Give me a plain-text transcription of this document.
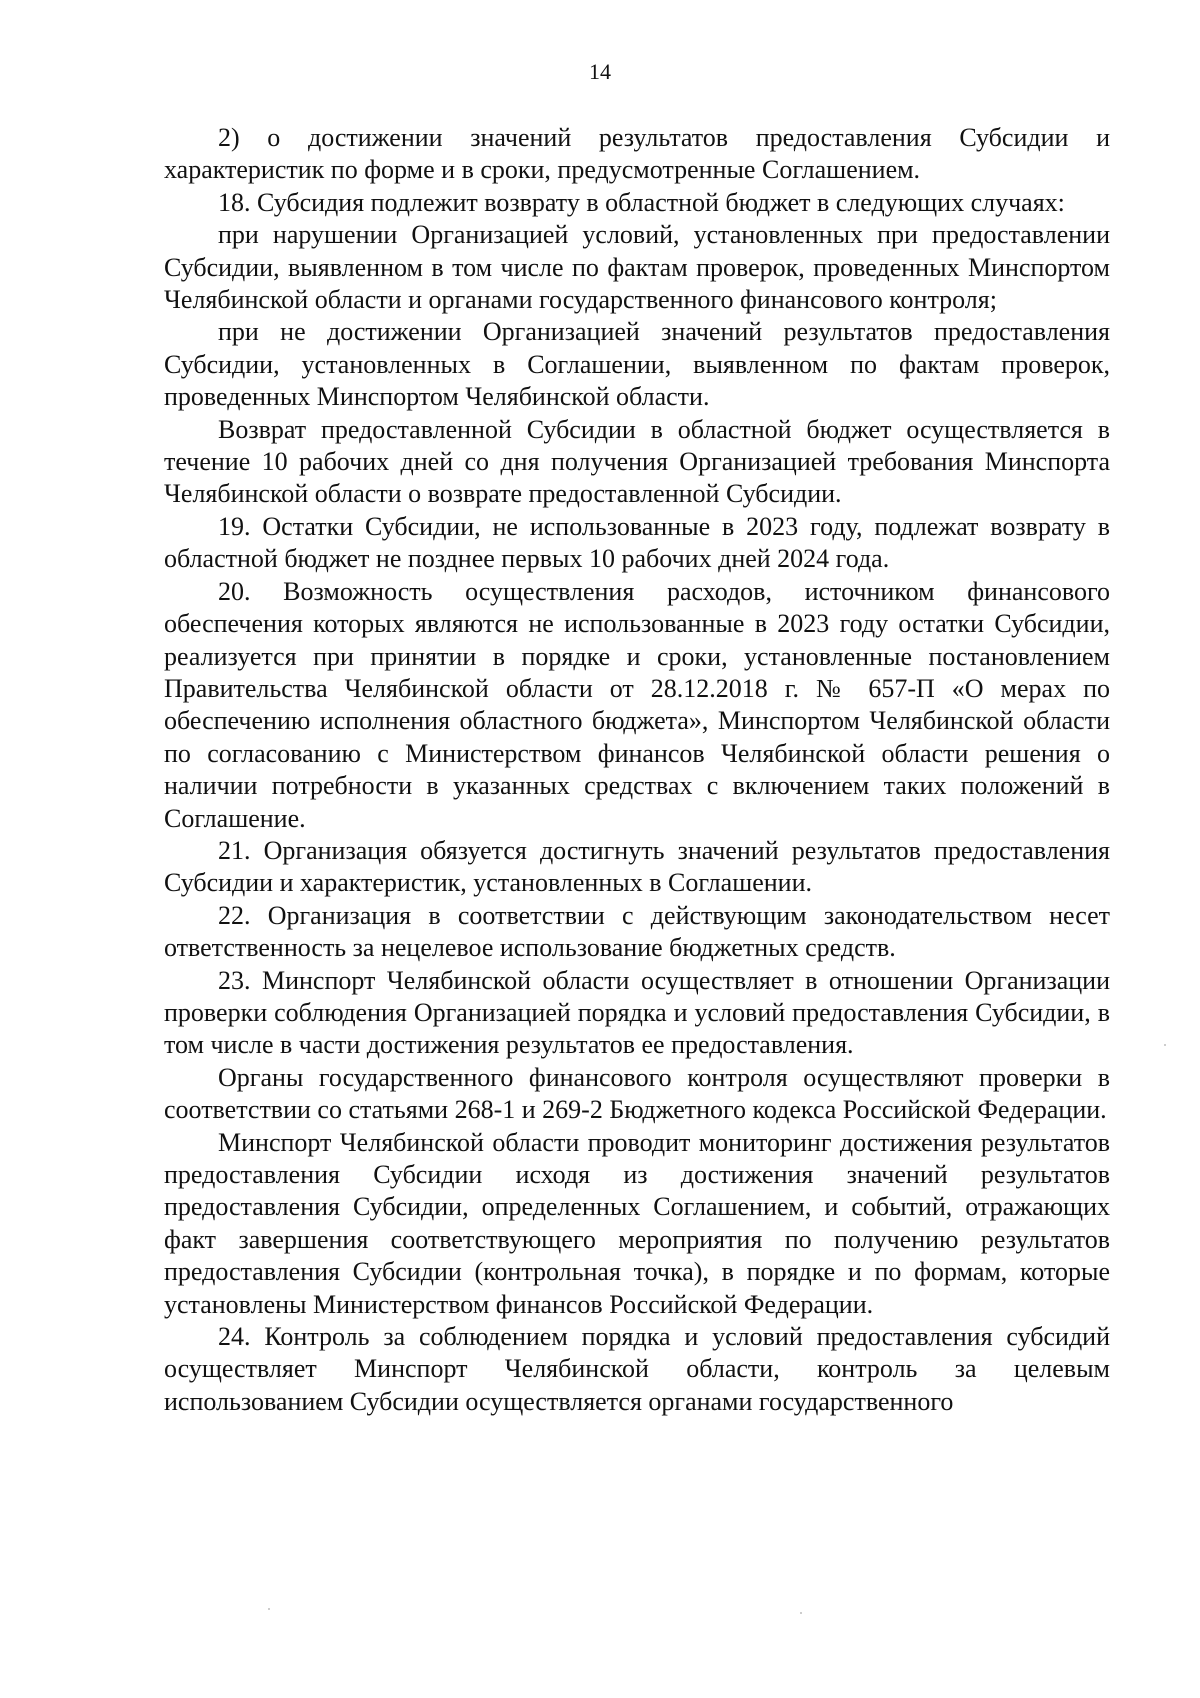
14

2) о достижении значений результатов предоставления Субсидии и характеристик по форме и в сроки, предусмотренные Соглашением.

18. Субсидия подлежит возврату в областной бюджет в следующих случаях:

при нарушении Организацией условий, установленных при предоставлении Субсидии, выявленном в том числе по фактам проверок, проведенных Минспортом Челябинской области и органами государственного финансового контроля;

при не достижении Организацией значений результатов предоставления Субсидии, установленных в Соглашении, выявленном по фактам проверок, проведенных Минспортом Челябинской области.

Возврат предоставленной Субсидии в областной бюджет осуществляется в течение 10 рабочих дней со дня получения Организацией требования Минспорта Челябинской области о возврате предоставленной Субсидии.

19. Остатки Субсидии, не использованные в 2023 году, подлежат возврату в областной бюджет не позднее первых 10 рабочих дней 2024 года.

20. Возможность осуществления расходов, источником финансового обеспечения которых являются не использованные в 2023 году остатки Субсидии, реализуется при принятии в порядке и сроки, установленные постановлением Правительства Челябинской области от 28.12.2018 г. № 657-П «О мерах по обеспечению исполнения областного бюджета», Минспортом Челябинской области по согласованию с Министерством финансов Челябинской области решения о наличии потребности в указанных средствах с включением таких положений в Соглашение.

21. Организация обязуется достигнуть значений результатов предоставления Субсидии и характеристик, установленных в Соглашении.

22. Организация в соответствии с действующим законодательством несет ответственность за нецелевое использование бюджетных средств.

23. Минспорт Челябинской области осуществляет в отношении Организации проверки соблюдения Организацией порядка и условий предоставления Субсидии, в том числе в части достижения результатов ее предоставления.

Органы государственного финансового контроля осуществляют проверки в соответствии со статьями 268-1 и 269-2 Бюджетного кодекса Российской Федерации.

Минспорт Челябинской области проводит мониторинг достижения результатов предоставления Субсидии исходя из достижения значений результатов предоставления Субсидии, определенных Соглашением, и событий, отражающих факт завершения соответствующего мероприятия по получению результатов предоставления Субсидии (контрольная точка), в порядке и по формам, которые установлены Министерством финансов Российской Федерации.

24. Контроль за соблюдением порядка и условий предоставления субсидий осуществляет Минспорт Челябинской области, контроль за целевым использованием Субсидии осуществляется органами государственного
